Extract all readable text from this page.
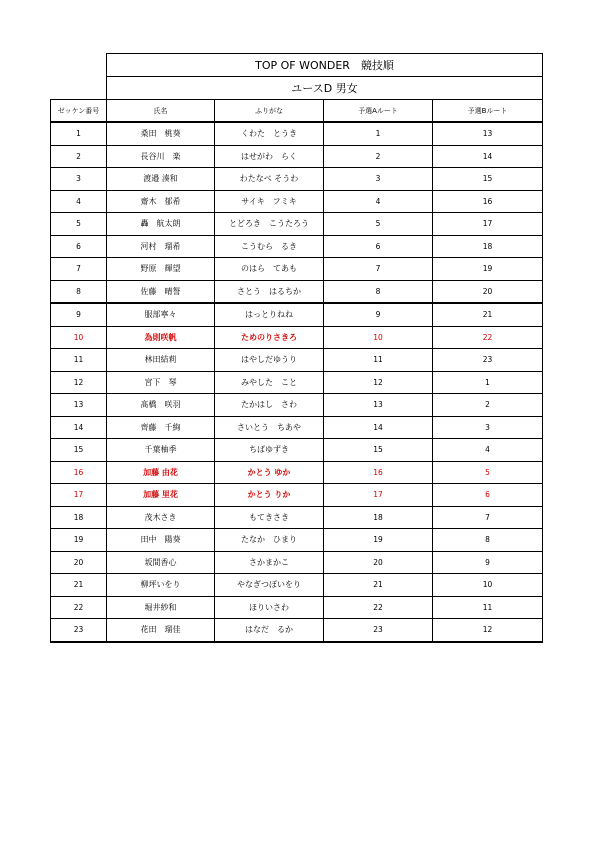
	TOP OF WONDER　競技順			
	ユースD 男女			
ゼッケン番号	氏名	ふりがな	予選Aルート	予選Bルート
1	桑田　桃葵	くわた　とうき	1	13
2	長谷川　楽	はせがわ　らく	2	14
3	渡邉 湊和	わたなべ そうわ	3	15
4	齋木　郁希	サイキ　フミキ	4	16
5	轟　航太朗	とどろき　こうたろう	5	17
6	河村　瑠希	こうむら　るき	6	18
7	野原　輝望	のはら　てあも	7	19
8	佐藤　晴詧	さとう　はるちか	8	20
9	服部寧々	はっとりねね	9	21
10	為則咲帆	ためのりさきろ	10	22
11	林田結莉	はやしだゆうり	11	23
12	宮下　琴	みやした　こと	12	1
13	髙橋　咲羽	たかはし　さわ	13	2
14	齊藤　千絢	さいとう　ちあや	14	3
15	千葉柚季	ちばゆずき	15	4
16	加藤 由花	かとう ゆか	16	5
17	加藤 里花	かとう りか	17	6
18	茂木さき	もてきさき	18	7
19	田中　陽葵	たなか　ひまり	19	8
20	坂間香心	さかまかこ	20	9
21	柳坪いをり	やなぎつぼいをり	21	10
22	堀井紗和	ほりいさわ	22	11
23	花田　瑠佳	はなだ　るか	23	12
